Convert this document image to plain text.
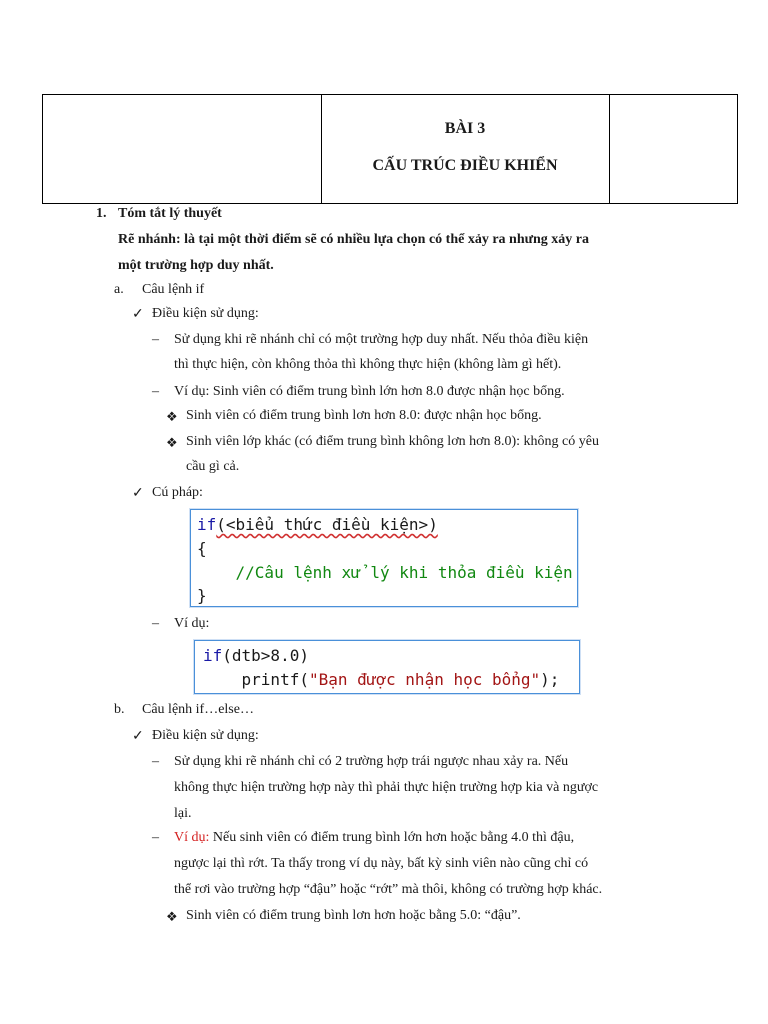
BÀI 3
CẤU TRÚC ĐIỀU KHIỂN
1. Tóm tắt lý thuyết
Rẽ nhánh: là tại một thời điểm sẽ có nhiều lựa chọn có thể xảy ra nhưng xảy ra
một trường hợp duy nhất.
a. Câu lệnh if
✓ Điều kiện sử dụng:
– Sử dụng khi rẽ nhánh chỉ có một trường hợp duy nhất. Nếu thỏa điều kiện
thì thực hiện, còn không thỏa thì không thực hiện (không làm gì hết).
– Ví dụ: Sinh viên có điểm trung bình lớn hơn 8.0 được nhận học bổng.
❖ Sinh viên có điểm trung bình lơn hơn 8.0: được nhận học bổng.
❖ Sinh viên lớp khác (có điểm trung bình không lơn hơn 8.0): không có yêu
cầu gì cả.
✓ Cú pháp:
if(<biểu thức điều kiện>)
{
//Câu lệnh xử lý khi thỏa điều kiện
}
– Ví dụ:
if(dtb>8.0)
printf("Bạn được nhận học bổng");
b. Câu lệnh if…else…
✓ Điều kiện sử dụng:
– Sử dụng khi rẽ nhánh chỉ có 2 trường hợp trái ngược nhau xảy ra. Nếu
không thực hiện trường hợp này thì phải thực hiện trường hợp kia và ngược
lại.
– Ví dụ: Nếu sinh viên có điểm trung bình lớn hơn hoặc bằng 4.0 thì đậu,
ngược lại thì rớt. Ta thấy trong ví dụ này, bất kỳ sinh viên nào cũng chỉ có
thể rơi vào trường hợp “đậu” hoặc “rớt” mà thôi, không có trường hợp khác.
❖ Sinh viên có điểm trung bình lơn hơn hoặc bằng 5.0: “đậu”.
